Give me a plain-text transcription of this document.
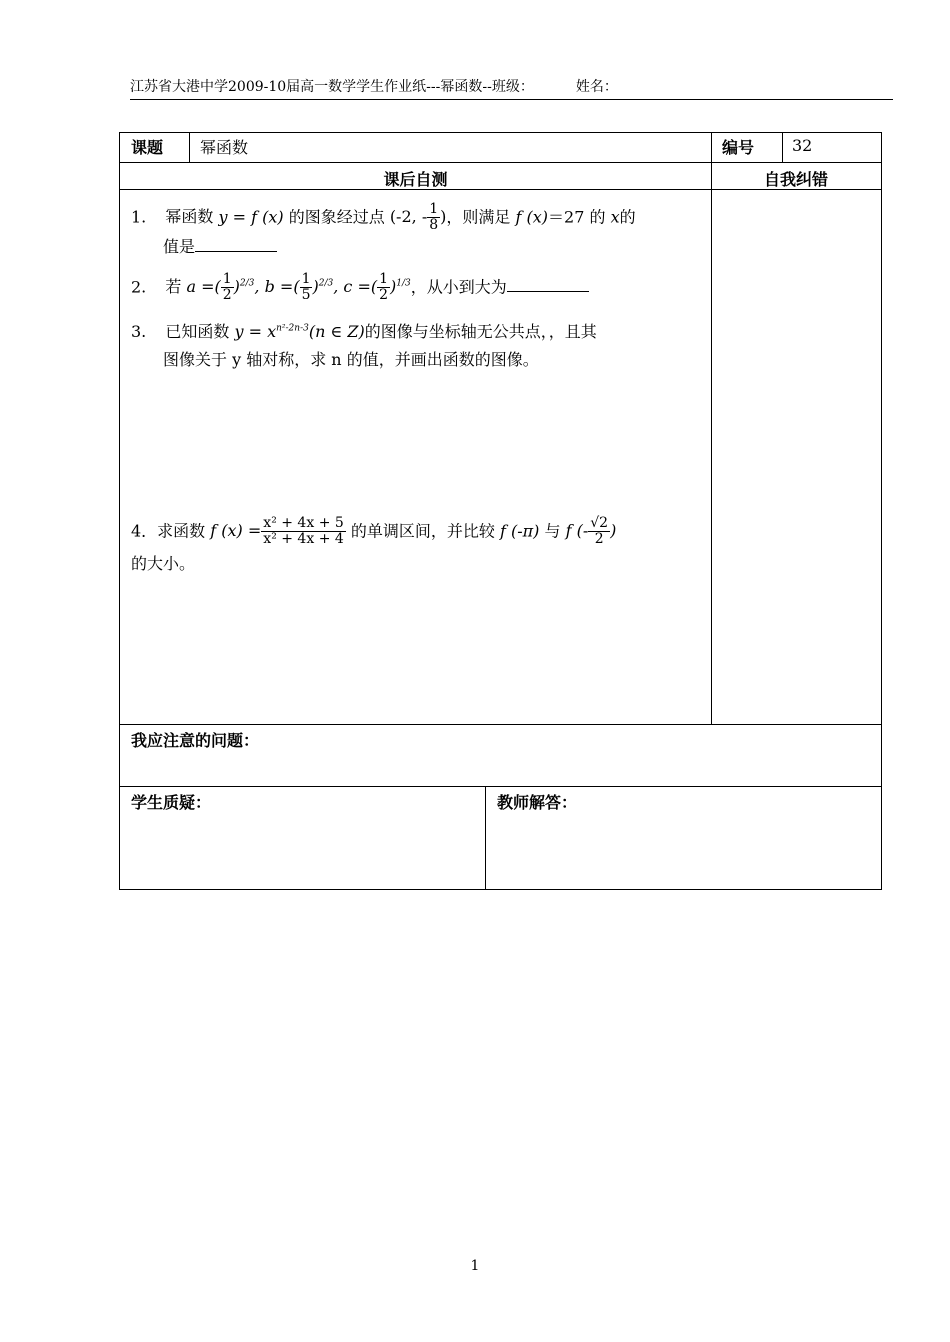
江苏省大港中学2009-10届高一数学学生作业纸---幂函数--班级：	姓名：
课题 幂函数	编号 32
课后自测	自我纠错
我应注意的问题：
学生质疑：	教师解答：
1. 幂函数 y = f (x) 的图象经过点 (-2, - $\frac{1}{8}$ )，则满足 f (x)＝27 的 x的
值是
2. 若 a =( $\frac{1}{2} )^{2/3}$, b =( $\frac{1}{5} )^{2/3}$, c =( $\frac{1}{2} )^{1/3}$，从小到大为
3. 已知函数 $y = x^{n^2-2n-3}(n$ ∈ Z)的图像与坐标轴无公共点，，且其
图像关于 y 轴对称，求 n 的值，并画出函数的图像。
4．求函数 f $(x) = \frac{\text{x² + 4x + 5}}{\text{x² + 4x + 4}}$ 的单调区间，并比较 f (-π) 与 f (- $\frac{√2}{2}$ )
的大小。
1
